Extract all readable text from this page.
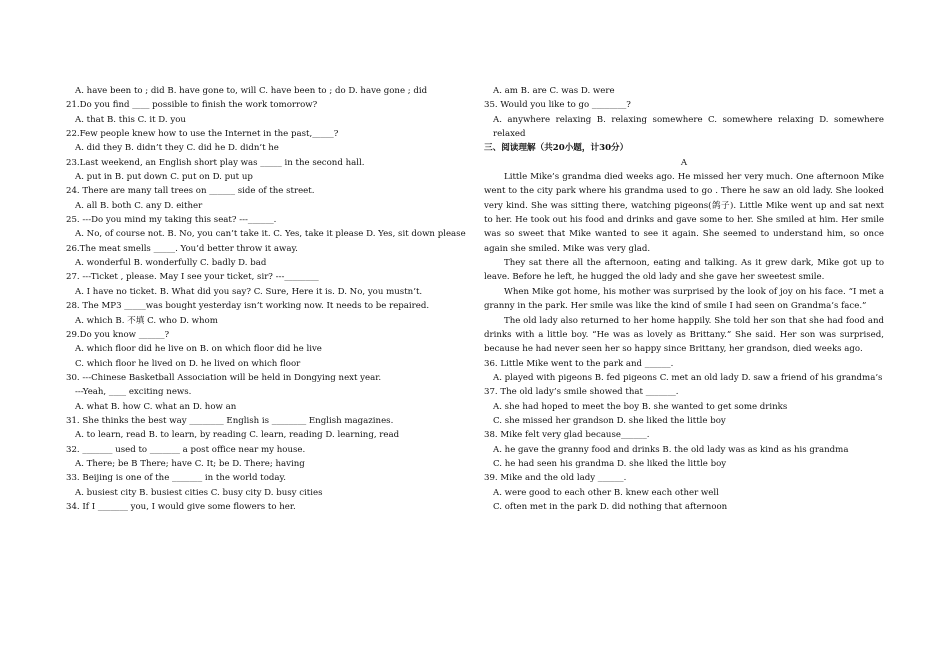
A. have been to ; did B. have gone to, will C. have been to ; do D. have gone ; did
21.Do you find ____ possible to finish the work tomorrow?
A. that B. this C. it D. you
22.Few people knew how to use the Internet in the past,_____?
A. did they B. didn’t they C. did he D. didn’t he
23.Last weekend, an English short play was _____ in the second hall.
A. put in B. put down C. put on D. put up
24. There are many tall trees on ______ side of the street.
A. all B. both C. any D. either
25. ---Do you mind my taking this seat? ---______.
A. No, of course not. B. No, you can’t take it. C. Yes, take it please D. Yes, sit down please
26.The meat smells _____. You’d better throw it away.
A. wonderful B. wonderfully C. badly D. bad
27. ---Ticket , please. May I see your ticket, sir? ---________
A. I have no ticket. B. What did you say? C. Sure, Here it is. D. No, you mustn’t.
28. The MP3 _____was bought yesterday isn’t working now. It needs to be repaired.
A. which B. 不填 C. who D. whom
29.Do you know ______?
A. which floor did he live on B. on which floor did he live
C. which floor he lived on D. he lived on which floor
30. ---Chinese Basketball Association will be held in Dongying next year.
---Yeah, ____ exciting news.
A. what B. how C. what an D. how an
31. She thinks the best way ________ English is ________ English magazines.
A. to learn, read B. to learn, by reading C. learn, reading D. learning, read
32. _______ used to _______ a post office near my house.
A. There; be B There; have C. It; be D. There; having
33. Beijing is one of the _______ in the world today.
A. busiest city B. busiest cities C. busy city D. busy cities
34. If I _______ you, I would give some flowers to her.
A. am B. are C. was D. were
35. Would you like to go ________?
A. anywhere relaxing B. relaxing somewhere C. somewhere relaxing D. somewhere relaxed
三、阅读理解（共20小题，计30分）
A
Little Mike’s grandma died weeks ago. He missed her very much. One afternoon Mike went to the city park where his grandma used to go . There he saw an old lady. She looked very kind. She was sitting there, watching pigeons(鸽子). Little Mike went up and sat next to her. He took out his food and drinks and gave some to her. She smiled at him. Her smile was so sweet that Mike wanted to see it again. She seemed to understand him, so once again she smiled. Mike was very glad.
They sat there all the afternoon, eating and talking. As it grew dark, Mike got up to leave. Before he left, he hugged the old lady and she gave her sweetest smile.
When Mike got home, his mother was surprised by the look of joy on his face. “I met a granny in the park. Her smile was like the kind of smile I had seen on Grandma’s face.”
The old lady also returned to her home happily. She told her son that she had food and drinks with a little boy. “He was as lovely as Brittany.” She said. Her son was surprised, because he had never seen her so happy since Brittany, her grandson, died weeks ago.
36. Little Mike went to the park and ______.
A. played with pigeons B. fed pigeons C. met an old lady D. saw a friend of his grandma’s
37. The old lady’s smile showed that _______.
A. she had hoped to meet the boy B. she wanted to get some drinks
C. she missed her grandson D. she liked the little boy
38. Mike felt very glad because______.
A. he gave the granny food and drinks B. the old lady was as kind as his grandma
C. he had seen his grandma D. she liked the little boy
39. Mike and the old lady ______.
A. were good to each other B. knew each other well
C. often met in the park D. did nothing that afternoon
